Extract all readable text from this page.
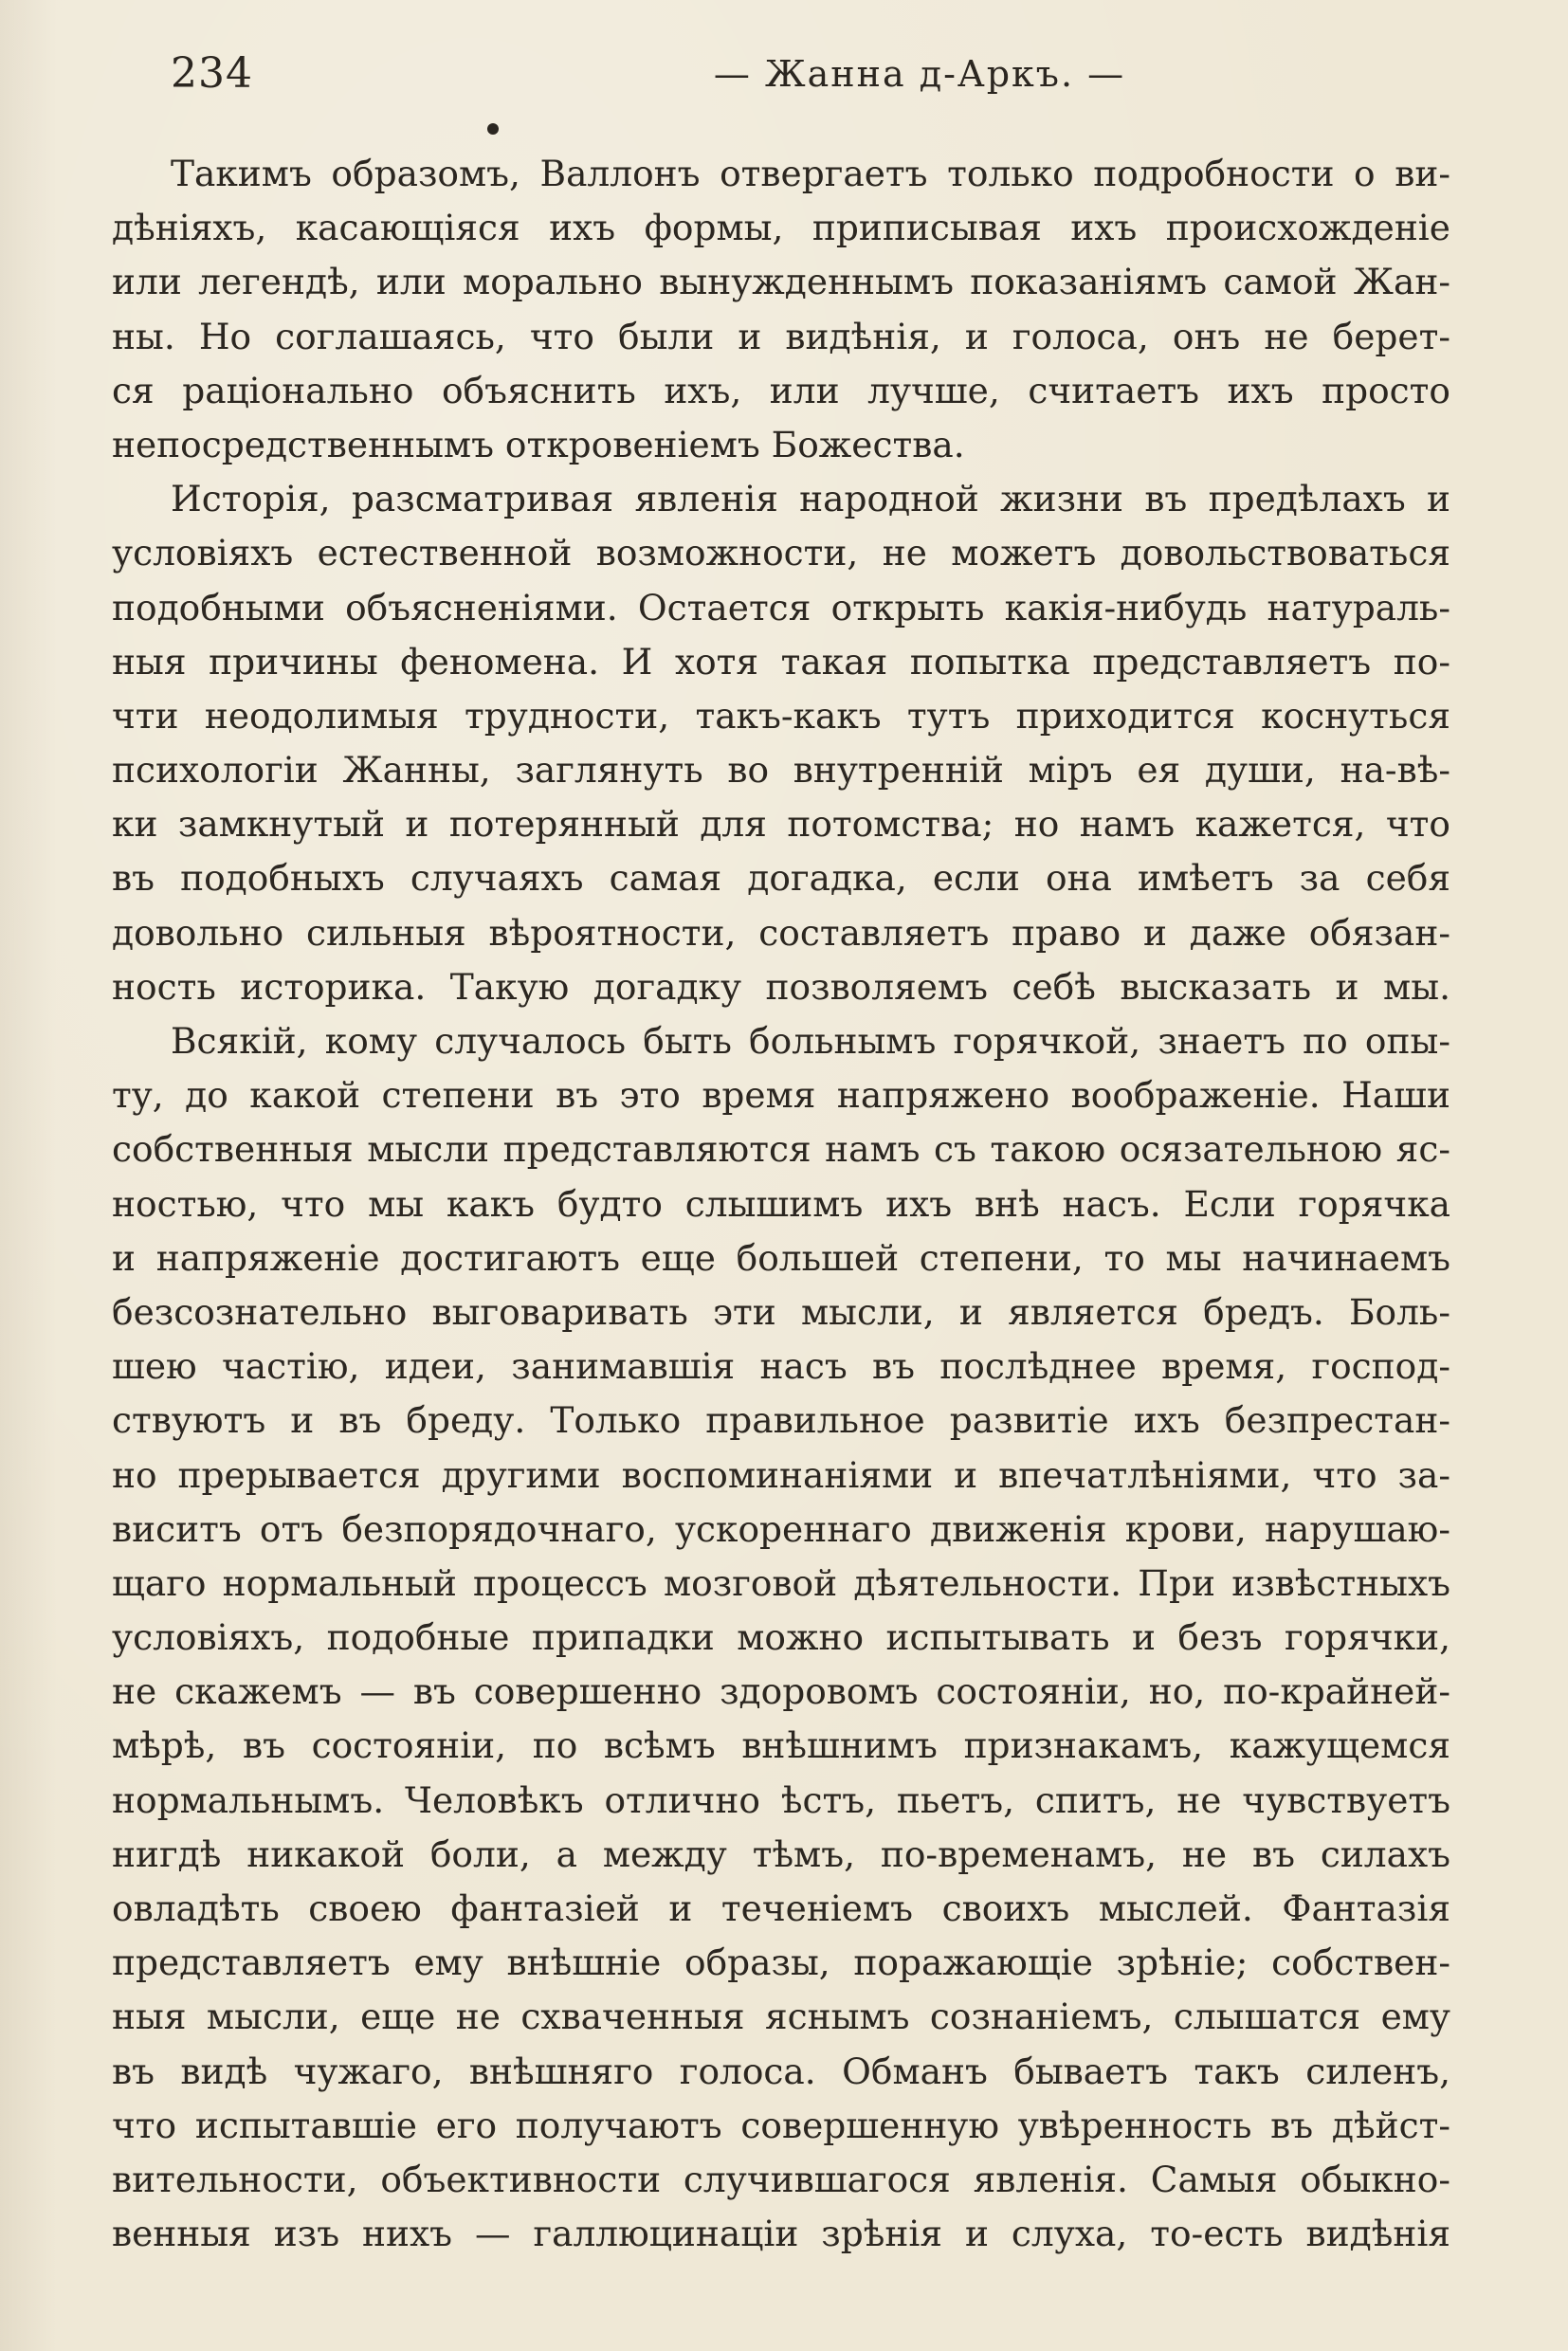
234	— Жанна д-Аркъ. —
Такимъ образомъ, Валлонъ отвергаетъ только подробности о ви-
дѣніяхъ, касающіяся ихъ формы, приписывая ихъ происхожденіе
или легендѣ, или морально вынужденнымъ показаніямъ самой Жан-
ны. Но соглашаясь, что были и видѣнія, и голоса, онъ не берет-
ся раціонально объяснить ихъ, или лучше, считаетъ ихъ просто
непосредственнымъ откровеніемъ Божества.
Исторія, разсматривая явленія народной жизни въ предѣлахъ и
условіяхъ естественной возможности, не можетъ довольствоваться
подобными объясненіями. Остается открыть какія-нибудь натураль-
ныя причины феномена. И хотя такая попытка представляетъ по-
чти неодолимыя трудности, такъ-какъ тутъ приходится коснуться
психологіи Жанны, заглянуть во внутренній міръ ея души, на-вѣ-
ки замкнутый и потерянный для потомства; но намъ кажется, что
въ подобныхъ случаяхъ самая догадка, если она имѣетъ за себя
довольно сильныя вѣроятности, составляетъ право и даже обязан-
ность историка. Такую догадку позволяемъ себѣ высказать и мы.
Всякій, кому случалось быть больнымъ горячкой, знаетъ по опы-
ту, до какой степени въ это время напряжено воображеніе. Наши
собственныя мысли представляются намъ съ такою осязательною яс-
ностью, что мы какъ будто слышимъ ихъ внѣ насъ. Если горячка
и напряженіе достигаютъ еще большей степени, то мы начинаемъ
безсознательно выговаривать эти мысли, и является бредъ. Боль-
шею частію, идеи, занимавшія насъ въ послѣднее время, господ-
ствуютъ и въ бреду. Только правильное развитіе ихъ безпрестан-
но прерывается другими воспоминаніями и впечатлѣніями, что за-
виситъ отъ безпорядочнаго, ускореннаго движенія крови, нарушаю-
щаго нормальный процессъ мозговой дѣятельности. При извѣстныхъ
условіяхъ, подобные припадки можно испытывать и безъ горячки,
не скажемъ — въ совершенно здоровомъ состояніи, но, по-крайней-
мѣрѣ, въ состояніи, по всѣмъ внѣшнимъ признакамъ, кажущемся
нормальнымъ. Человѣкъ отлично ѣстъ, пьетъ, спитъ, не чувствуетъ
нигдѣ никакой боли, а между тѣмъ, по-временамъ, не въ силахъ
овладѣть своею фантазіей и теченіемъ своихъ мыслей. Фантазія
представляетъ ему внѣшніе образы, поражающіе зрѣніе; собствен-
ныя мысли, еще не схваченныя яснымъ сознаніемъ, слышатся ему
въ видѣ чужаго, внѣшняго голоса. Обманъ бываетъ такъ силенъ,
что испытавшіе его получаютъ совершенную увѣренность въ дѣйст-
вительности, объективности случившагося явленія. Самыя обыкно-
венныя изъ нихъ — галлюцинаціи зрѣнія и слуха, то-есть видѣнія
